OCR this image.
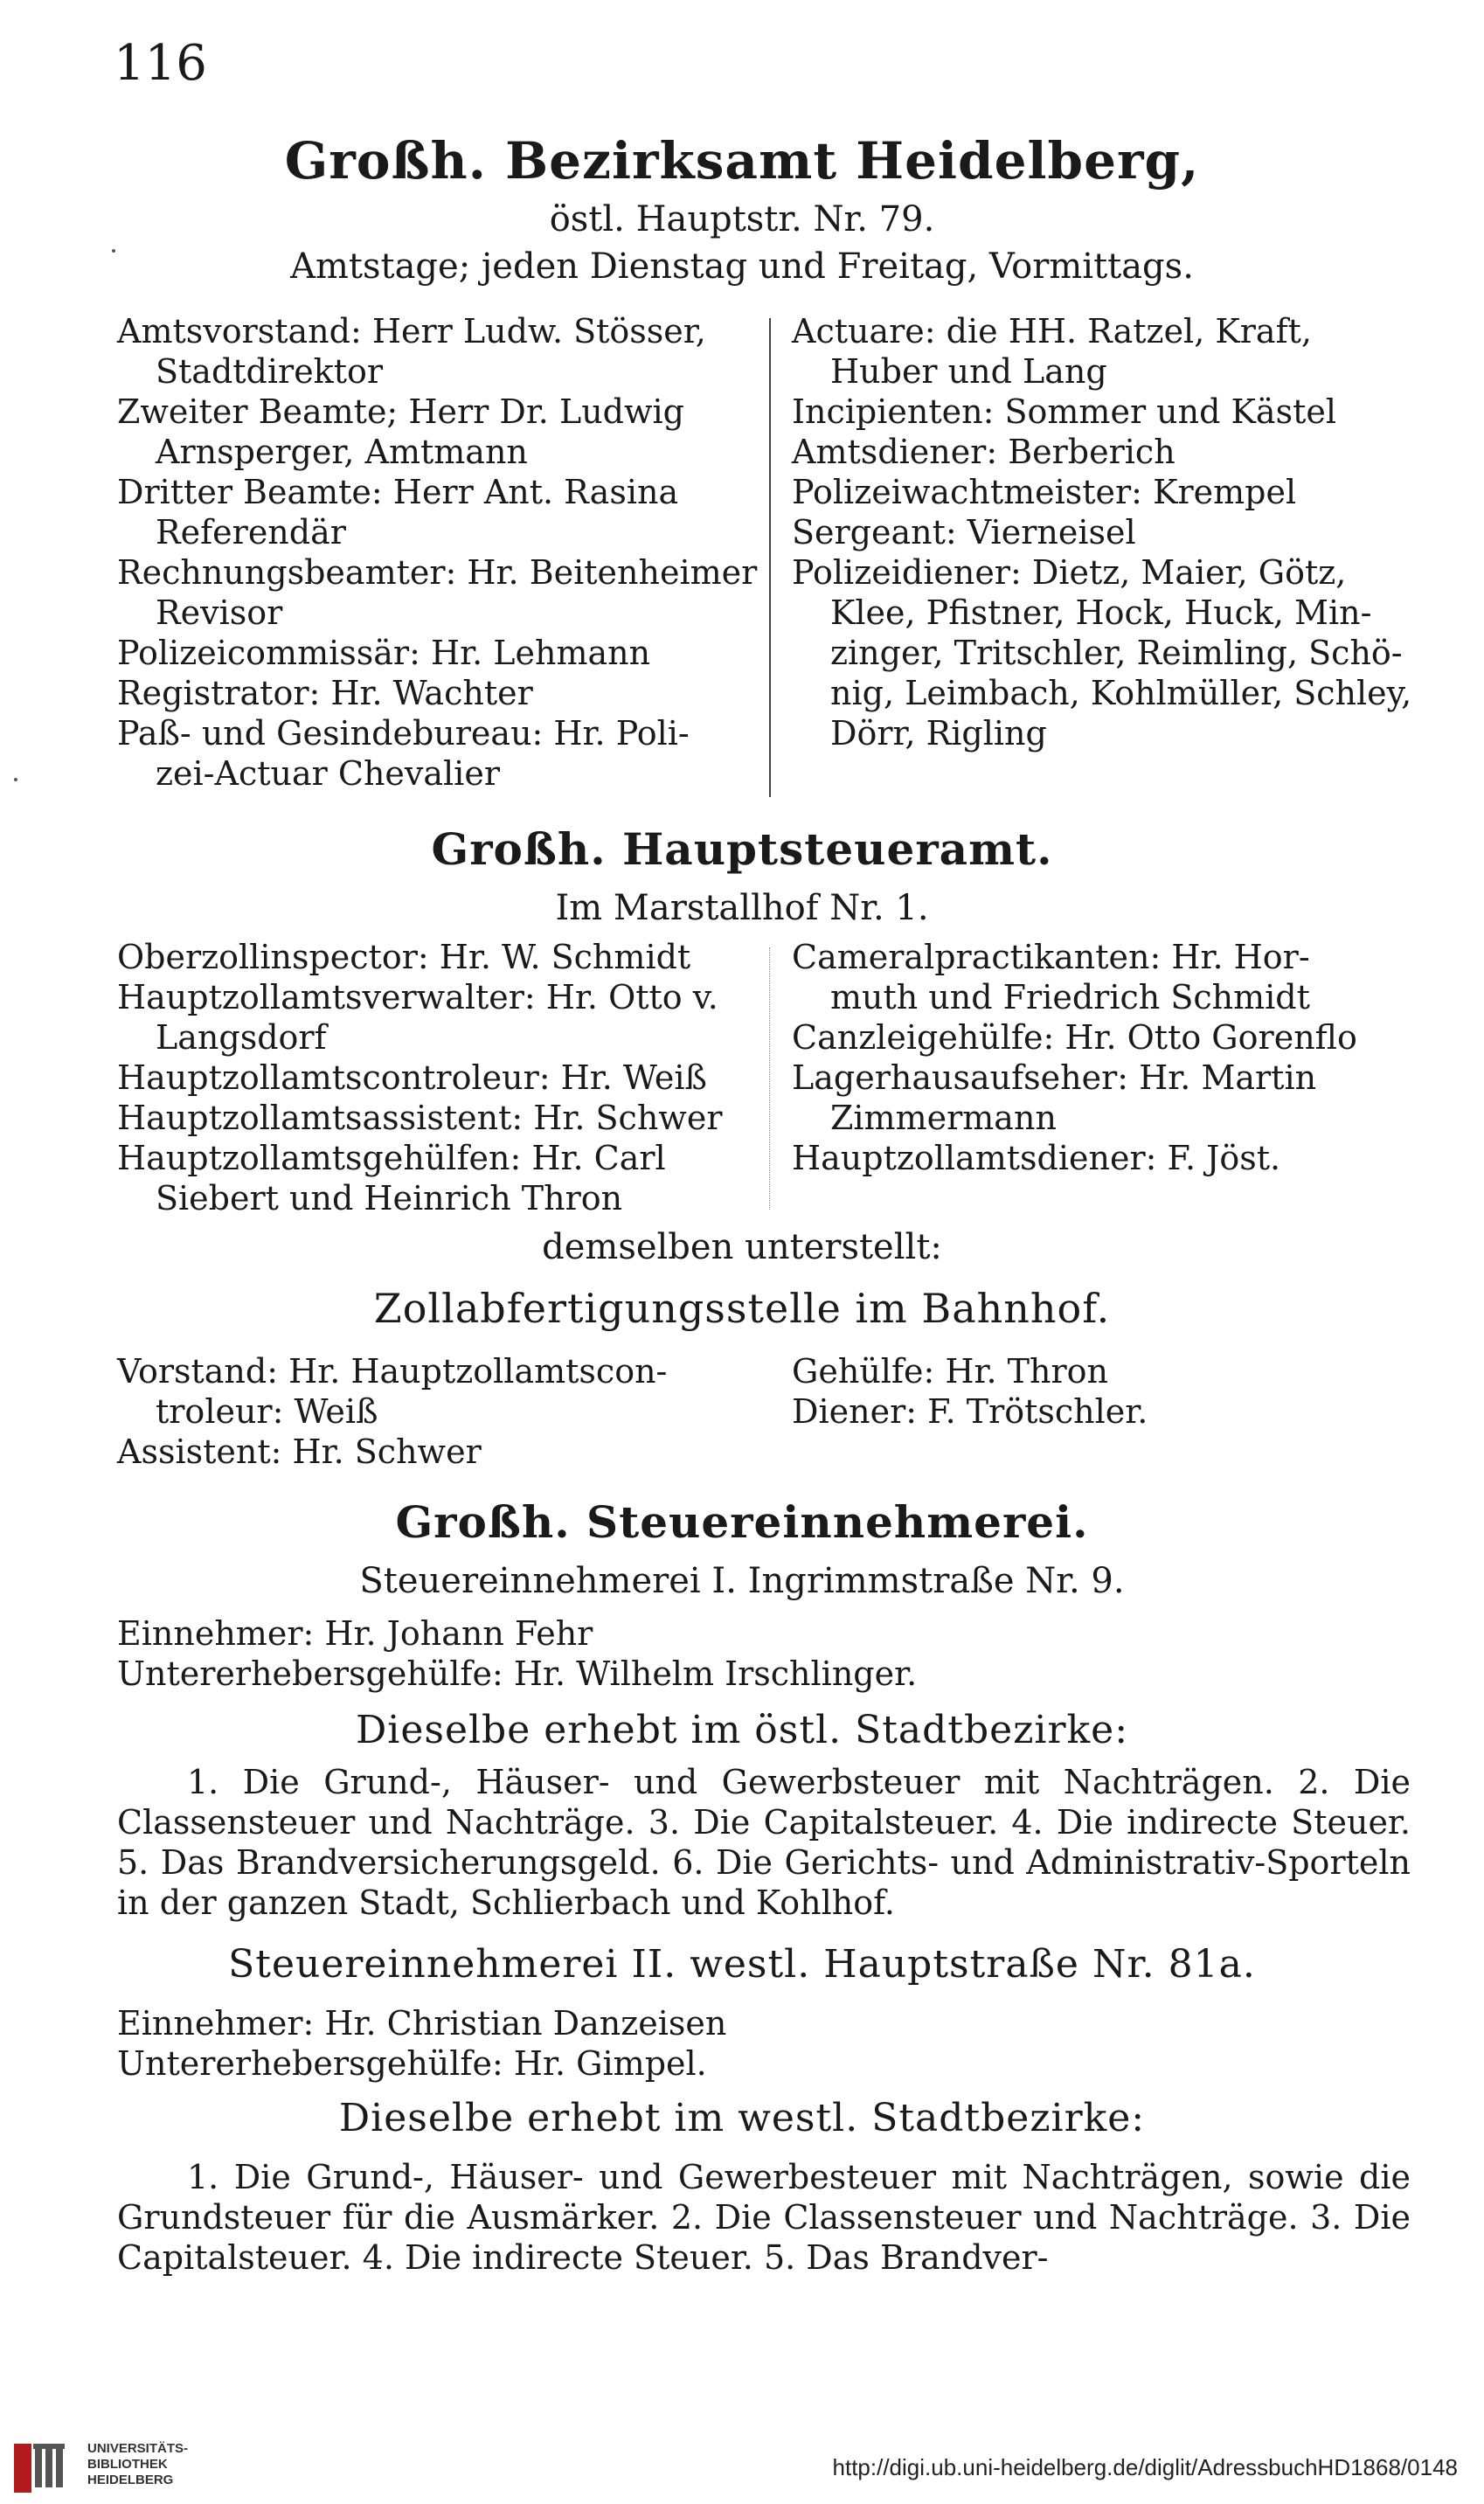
116
Großh. Bezirksamt Heidelberg,
östl. Hauptstr. Nr. 79.
Amtstage; jeden Dienstag und Freitag, Vormittags.
Amtsvorstand: Herr Ludw. Stösser,
Stadtdirektor
Zweiter Beamte; Herr Dr. Ludwig
Arnsperger, Amtmann
Dritter Beamte: Herr Ant. Rasina
Referendär
Rechnungsbeamter: Hr. Beitenheimer
Revisor
Polizeicommissär: Hr. Lehmann
Registrator: Hr. Wachter
Paß- und Gesindebureau: Hr. Poli-
zei-Actuar Chevalier
Actuare: die HH. Ratzel, Kraft,
Huber und Lang
Incipienten: Sommer und Kästel
Amtsdiener: Berberich
Polizeiwachtmeister: Krempel
Sergeant: Vierneisel
Polizeidiener: Dietz, Maier, Götz,
Klee, Pfistner, Hock, Huck, Min-
zinger, Tritschler, Reimling, Schö-
nig, Leimbach, Kohlmüller, Schley,
Dörr, Rigling
Großh. Hauptsteueramt.
Im Marstallhof Nr. 1.
Oberzollinspector: Hr. W. Schmidt
Hauptzollamtsverwalter: Hr. Otto v.
Langsdorf
Hauptzollamtscontroleur: Hr. Weiß
Hauptzollamtsassistent: Hr. Schwer
Hauptzollamtsgehülfen: Hr. Carl
Siebert und Heinrich Thron
Cameralpractikanten: Hr. Hor-
muth und Friedrich Schmidt
Canzleigehülfe: Hr. Otto Gorenflo
Lagerhausaufseher: Hr. Martin
Zimmermann
Hauptzollamtsdiener: F. Jöst.
demselben unterstellt:
Zollabfertigungsstelle im Bahnhof.
Vorstand: Hr. Hauptzollamtscon-
troleur: Weiß
Assistent: Hr. Schwer
Gehülfe: Hr. Thron
Diener: F. Trötschler.
Großh. Steuereinnehmerei.
Steuereinnehmerei I. Ingrimmstraße Nr. 9.
Einnehmer: Hr. Johann Fehr
Untererhebersgehülfe: Hr. Wilhelm Irschlinger.
Dieselbe erhebt im östl. Stadtbezirke:
1. Die Grund-, Häuser- und Gewerbsteuer mit Nachträgen. 2. Die Classensteuer und Nachträge. 3. Die Capitalsteuer. 4. Die indirecte Steuer. 5. Das Brandversicherungsgeld. 6. Die Gerichts- und Administrativ-Sporteln in der ganzen Stadt, Schlierbach und Kohlhof.
Steuereinnehmerei II. westl. Hauptstraße Nr. 81a.
Einnehmer: Hr. Christian Danzeisen
Untererhebersgehülfe: Hr. Gimpel.
Dieselbe erhebt im westl. Stadtbezirke:
1. Die Grund-, Häuser- und Gewerbesteuer mit Nachträgen, sowie die Grundsteuer für die Ausmärker. 2. Die Classensteuer und Nachträge. 3. Die Capitalsteuer. 4. Die indirecte Steuer. 5. Das Brandver-
UNIVERSITÄTS-
BIBLIOTHEK
HEIDELBERG	http://digi.ub.uni-heidelberg.de/diglit/AdressbuchHD1868/0148
